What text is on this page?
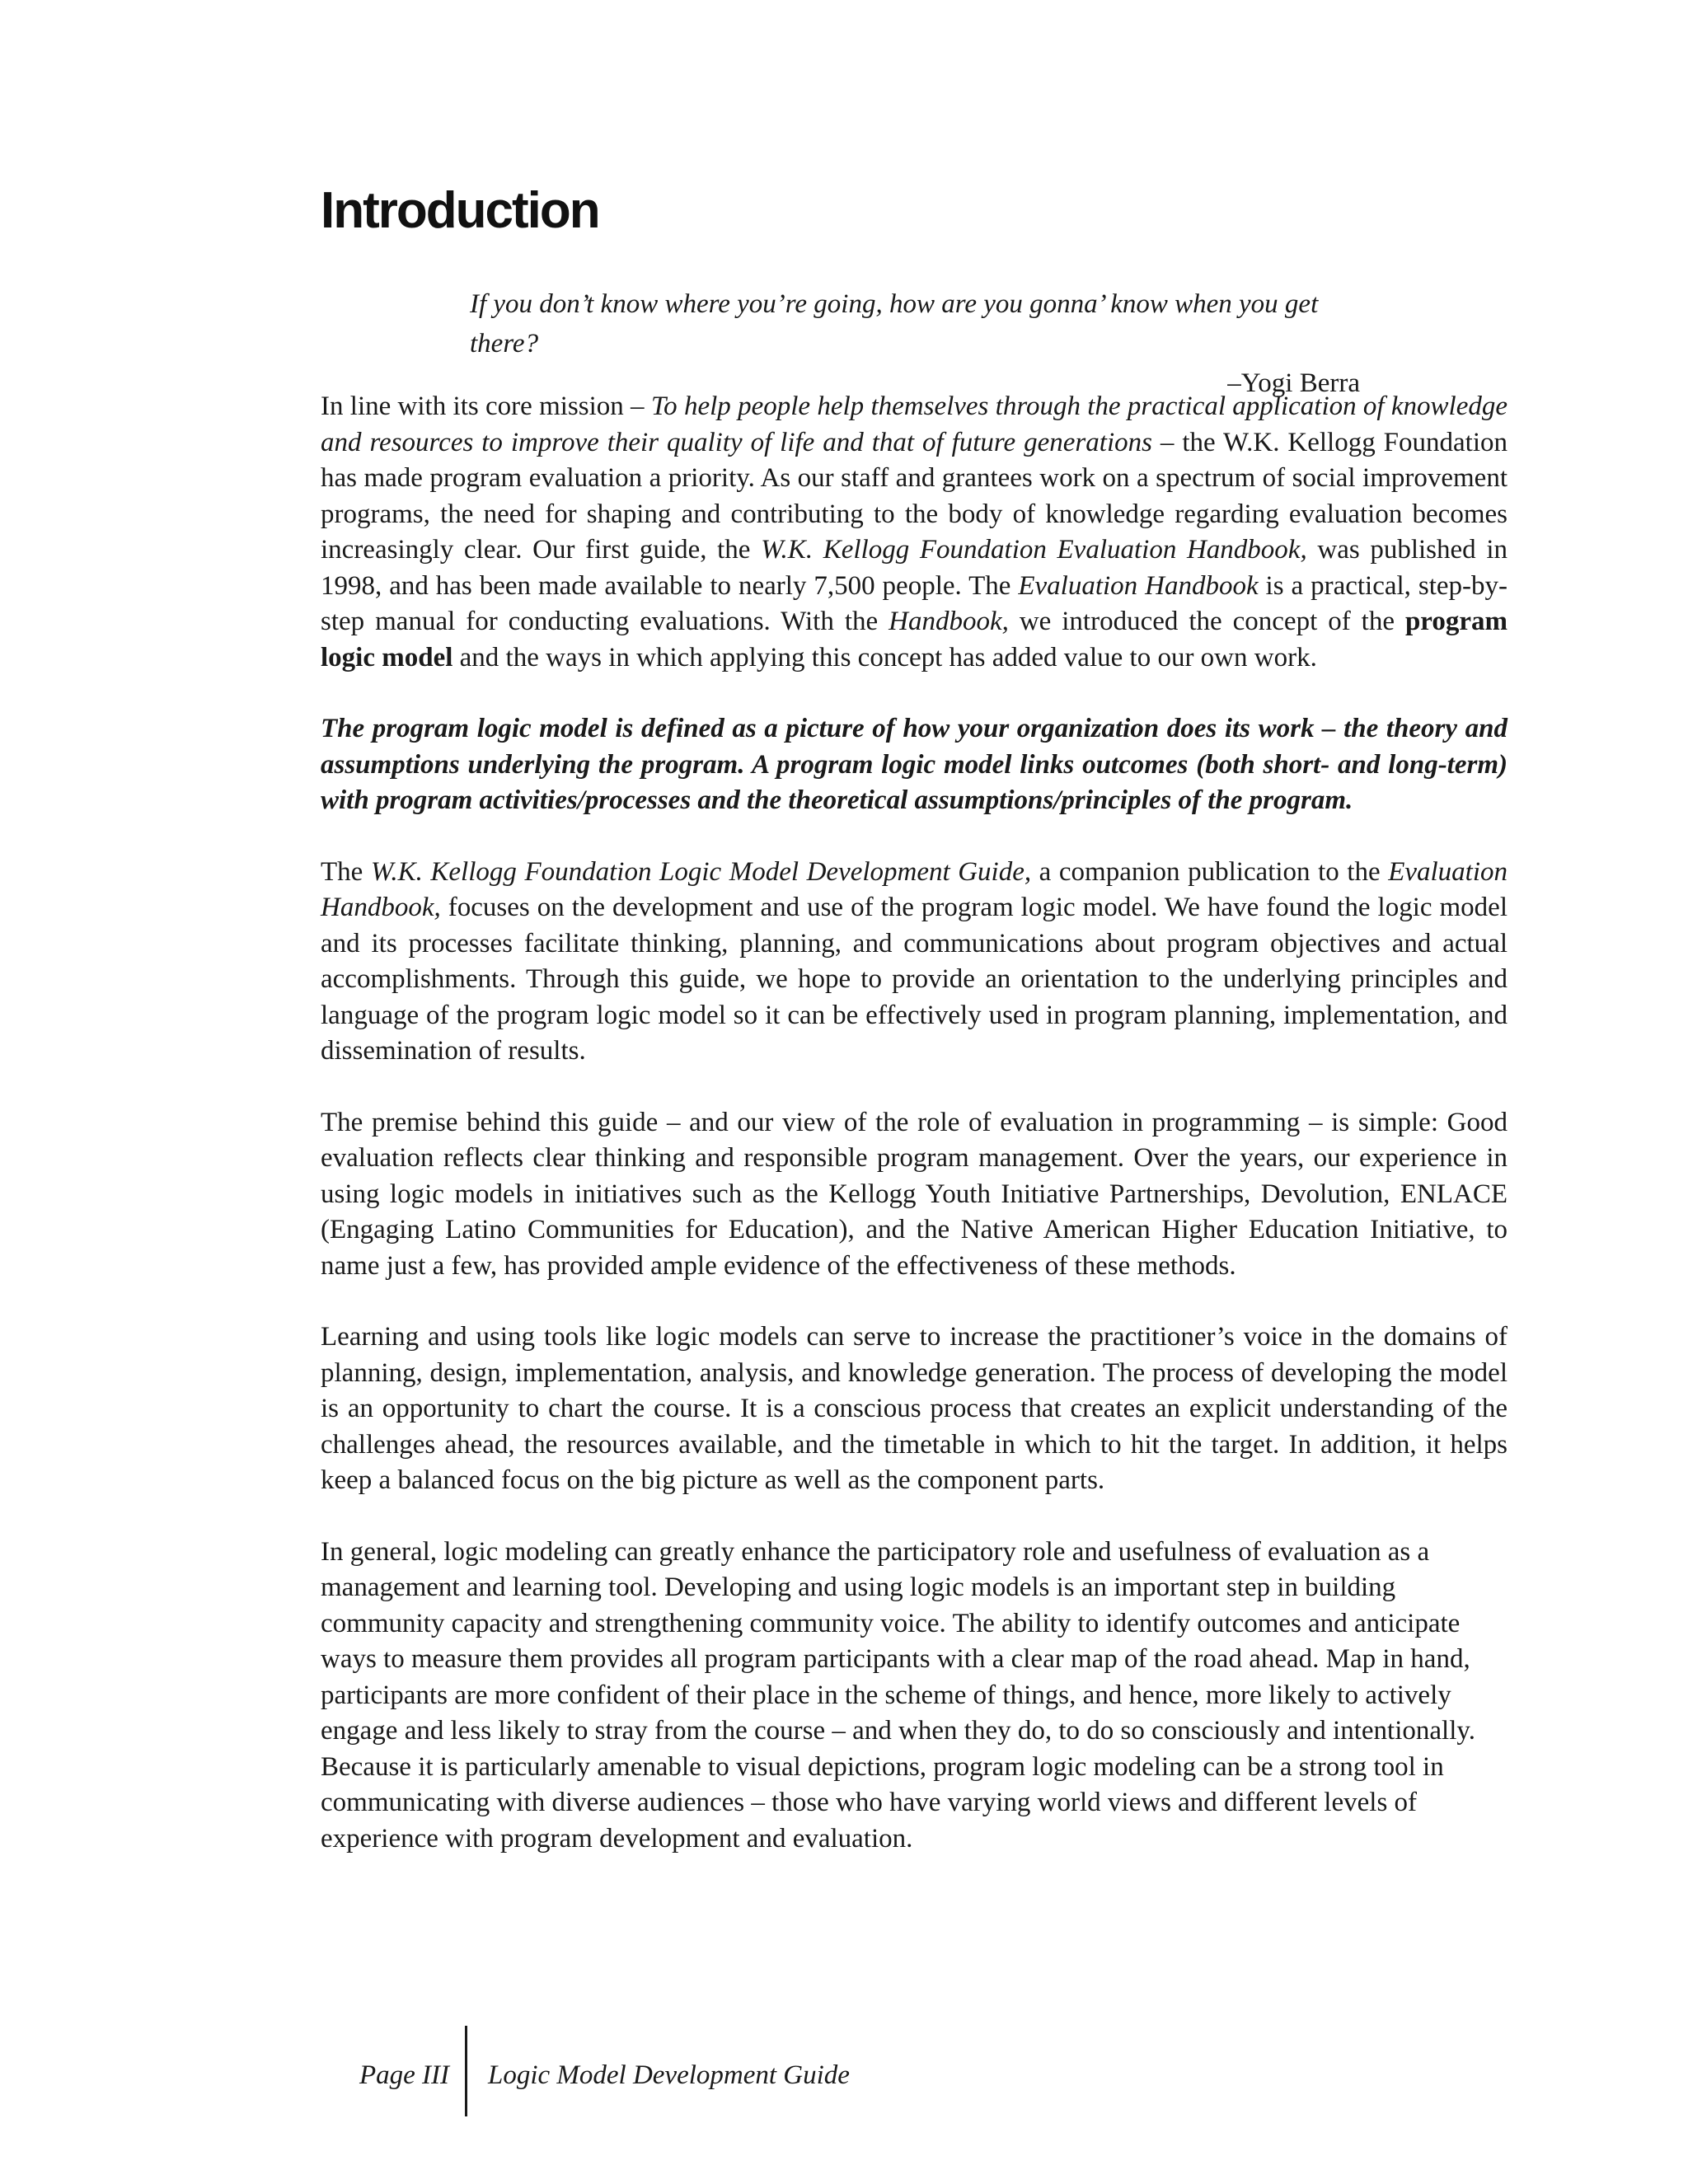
Introduction
If you don’t know where you’re going, how are you gonna’ know when you get there?
–Yogi Berra

In line with its core mission – To help people help themselves through the practical application of knowledge and resources to improve their quality of life and that of future generations – the W.K. Kellogg Foundation has made program evaluation a priority. As our staff and grantees work on a spectrum of social improvement programs, the need for shaping and contributing to the body of knowledge regarding evaluation becomes increasingly clear. Our first guide, the W.K. Kellogg Foundation Evaluation Handbook, was published in 1998, and has been made available to nearly 7,500 people. The Evaluation Handbook is a practical, step-by-step manual for conducting evaluations. With the Handbook, we introduced the concept of the program logic model and the ways in which applying this concept has added value to our own work.

The program logic model is defined as a picture of how your organization does its work – the theory and assumptions underlying the program. A program logic model links outcomes (both short- and long-term) with program activities/processes and the theoretical assumptions/principles of the program.

The W.K. Kellogg Foundation Logic Model Development Guide, a companion publication to the Evaluation Handbook, focuses on the development and use of the program logic model. We have found the logic model and its processes facilitate thinking, planning, and communications about program objectives and actual accomplishments. Through this guide, we hope to provide an orientation to the underlying principles and language of the program logic model so it can be effectively used in program planning, implementation, and dissemination of results.

The premise behind this guide – and our view of the role of evaluation in programming – is simple: Good evaluation reflects clear thinking and responsible program management. Over the years, our experience in using logic models in initiatives such as the Kellogg Youth Initiative Partnerships, Devolution, ENLACE (Engaging Latino Communities for Education), and the Native American Higher Education Initiative, to name just a few, has provided ample evidence of the effectiveness of these methods.

Learning and using tools like logic models can serve to increase the practitioner’s voice in the domains of planning, design, implementation, analysis, and knowledge generation. The process of developing the model is an opportunity to chart the course. It is a conscious process that creates an explicit understanding of the challenges ahead, the resources available, and the timetable in which to hit the target. In addition, it helps keep a balanced focus on the big picture as well as the component parts.

In general, logic modeling can greatly enhance the participatory role and usefulness of evaluation as a management and learning tool. Developing and using logic models is an important step in building community capacity and strengthening community voice. The ability to identify outcomes and anticipate ways to measure them provides all program participants with a clear map of the road ahead. Map in hand, participants are more confident of their place in the scheme of things, and hence, more likely to actively engage and less likely to stray from the course – and when they do, to do so consciously and intentionally. Because it is particularly amenable to visual depictions, program logic modeling can be a strong tool in communicating with diverse audiences – those who have varying world views and different levels of experience with program development and evaluation.

Page III Logic Model Development Guide
